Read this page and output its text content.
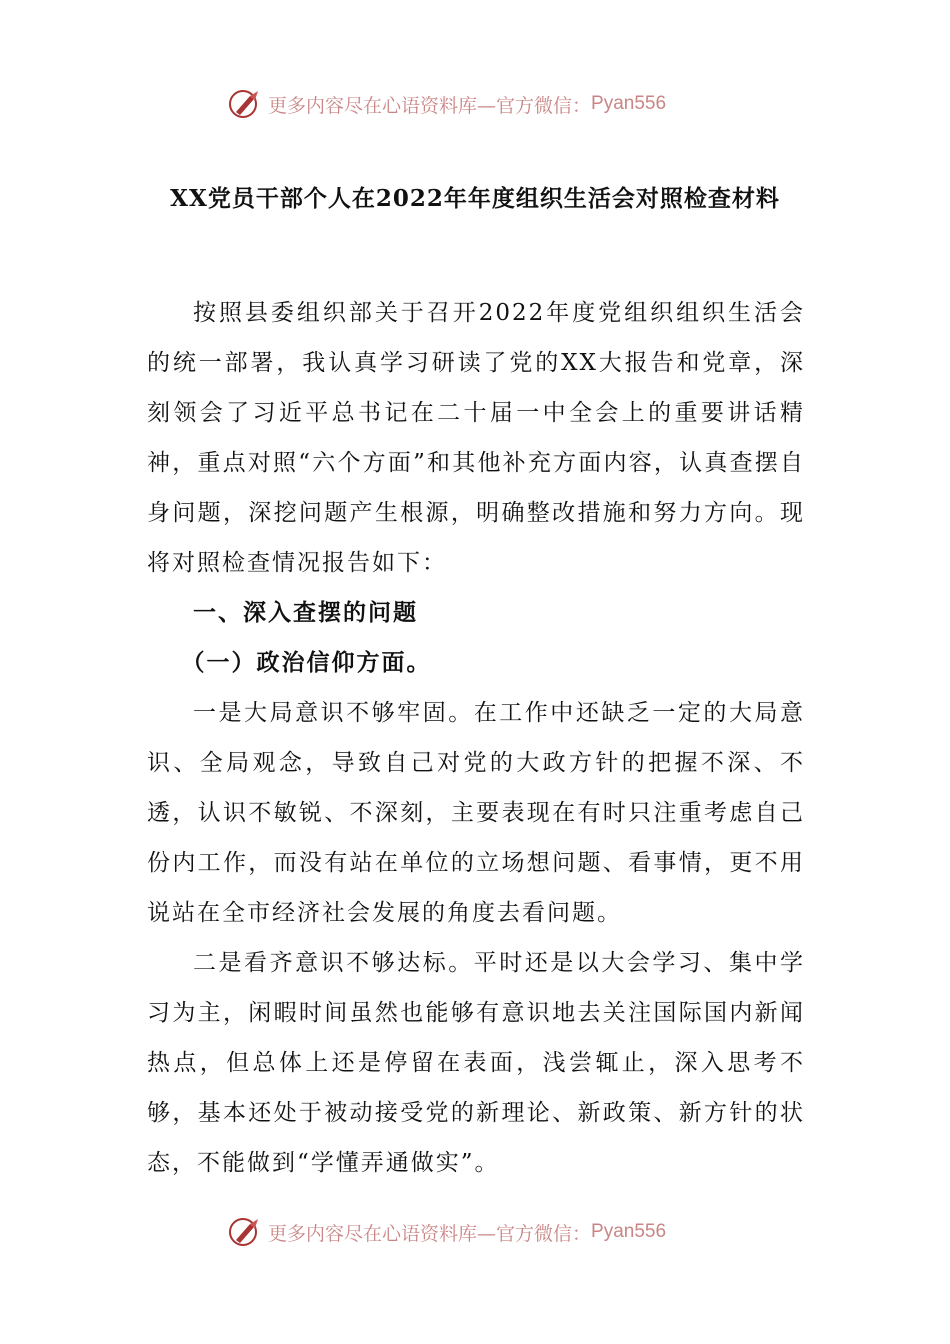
更多内容尽在心语资料库—官方微信： Pyan556
XX党员干部个人在2022年年度组织生活会对照检查材料

按照县委组织部关于召开2022年度党组织组织生活会的统一部署，我认真学习研读了党的XX大报告和党章，深刻领会了习近平总书记在二十届一中全会上的重要讲话精神，重点对照“六个方面”和其他补充方面内容，认真查摆自身问题，深挖问题产生根源，明确整改措施和努力方向。现将对照检查情况报告如下：

一、深入查摆的问题

（一）政治信仰方面。

一是大局意识不够牢固。在工作中还缺乏一定的大局意识、全局观念，导致自己对党的大政方针的把握不深、不透，认识不敏锐、不深刻，主要表现在有时只注重考虑自己份内工作，而没有站在单位的立场想问题、看事情，更不用说站在全市经济社会发展的角度去看问题。

二是看齐意识不够达标。平时还是以大会学习、集中学习为主，闲暇时间虽然也能够有意识地去关注国际国内新闻热点，但总体上还是停留在表面，浅尝辄止，深入思考不够，基本还处于被动接受党的新理论、新政策、新方针的状态，不能做到“学懂弄通做实”。

更多内容尽在心语资料库—官方微信： Pyan556
